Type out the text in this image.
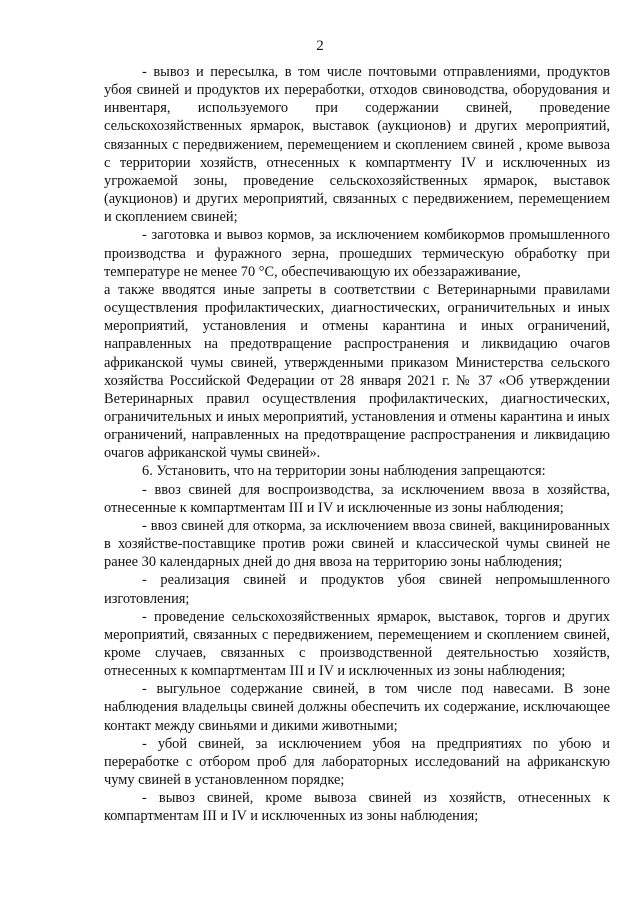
2

- вывоз и пересылка, в том числе почтовыми отправлениями, продуктов убоя свиней и продуктов их переработки, отходов свиноводства, оборудования и инвентаря, используемого при содержании свиней, проведение сельскохозяйственных ярмарок, выставок (аукционов) и других мероприятий, связанных с передвижением, перемещением и скоплением свиней , кроме вывоза с территории хозяйств, отнесенных к компартменту IV и исключенных из угрожаемой зоны, проведение сельскохозяйственных ярмарок, выставок (аукционов) и других мероприятий, связанных с передвижением, перемещением и скоплением свиней;

- заготовка и вывоз кормов, за исключением комбикормов промышленного производства и фуражного зерна, прошедших термическую обработку при температуре не менее 70 °С, обеспечивающую их обеззараживание,

а также вводятся иные запреты в соответствии с Ветеринарными правилами осуществления профилактических, диагностических, ограничительных и иных мероприятий, установления и отмены карантина и иных ограничений, направленных на предотвращение распространения и ликвидацию очагов африканской чумы свиней, утвержденными приказом Министерства сельского хозяйства Российской Федерации от 28 января 2021 г. № 37 «Об утверждении Ветеринарных правил осуществления профилактических, диагностических, ограничительных и иных мероприятий, установления и отмены карантина и иных ограничений, направленных на предотвращение распространения и ликвидацию очагов африканской чумы свиней».

6. Установить, что на территории зоны наблюдения запрещаются:

- ввоз свиней для воспроизводства, за исключением ввоза в хозяйства, отнесенные к компартментам III и IV и исключенные из зоны наблюдения;

- ввоз свиней для откорма, за исключением ввоза свиней, вакцинированных в хозяйстве-поставщике против рожи свиней и классической чумы свиней не ранее 30 календарных дней до дня ввоза на территорию зоны наблюдения;

- реализация свиней и продуктов убоя свиней непромышленного изготовления;

- проведение сельскохозяйственных ярмарок, выставок, торгов и других мероприятий, связанных с передвижением, перемещением и скоплением свиней, кроме случаев, связанных с производственной деятельностью хозяйств, отнесенных к компартментам III и IV и исключенных из зоны наблюдения;

- выгульное содержание свиней, в том числе под навесами. В зоне наблюдения владельцы свиней должны обеспечить их содержание, исключающее контакт между свиньями и дикими животными;

- убой свиней, за исключением убоя на предприятиях по убою и переработке с отбором проб для лабораторных исследований на африканскую чуму свиней в установленном порядке;

- вывоз свиней, кроме вывоза свиней из хозяйств, отнесенных к компартментам III и IV и исключенных из зоны наблюдения;
